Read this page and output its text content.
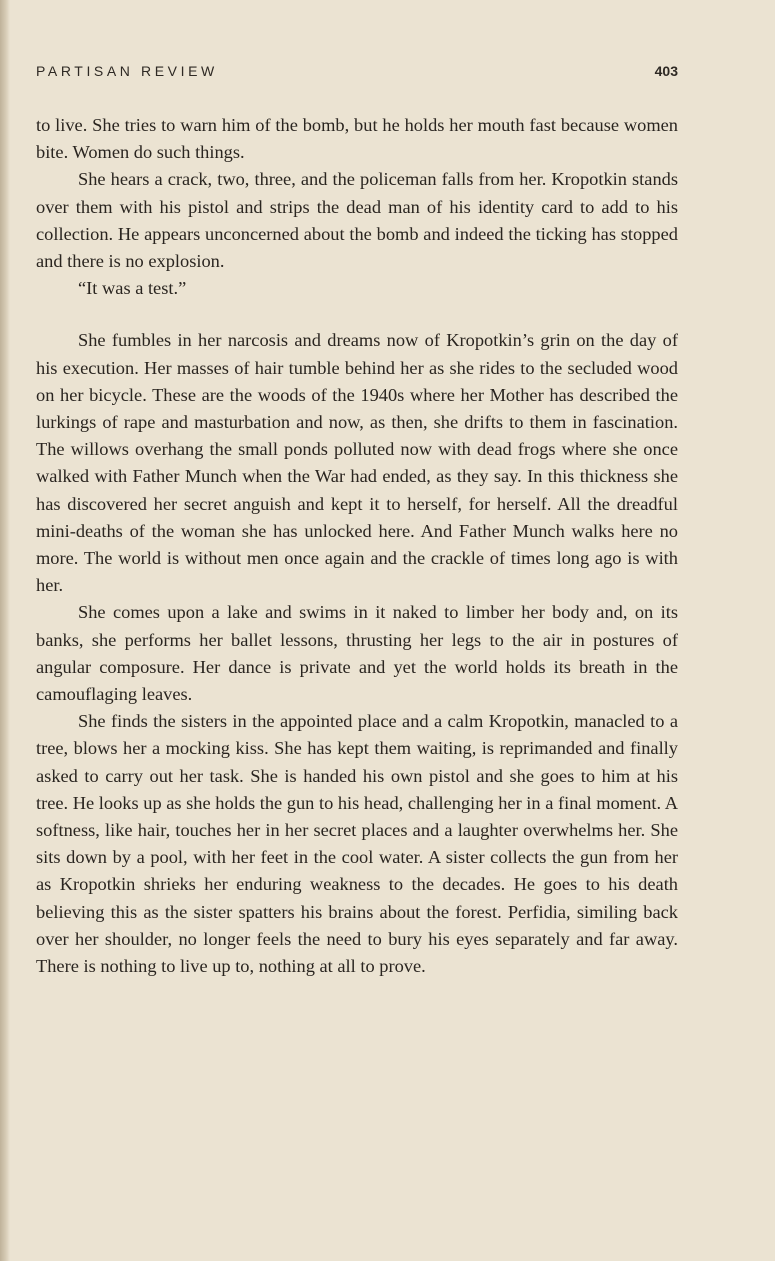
PARTISAN REVIEW	403

to live. She tries to warn him of the bomb, but he holds her mouth fast because women bite. Women do such things.

She hears a crack, two, three, and the policeman falls from her. Kropotkin stands over them with his pistol and strips the dead man of his identity card to add to his collection. He appears unconcerned about the bomb and indeed the ticking has stopped and there is no explosion.

“It was a test.”

She fumbles in her narcosis and dreams now of Kropotkin’s grin on the day of his execution. Her masses of hair tumble behind her as she rides to the secluded wood on her bicycle. These are the woods of the 1940s where her Mother has described the lurkings of rape and masturbation and now, as then, she drifts to them in fascination. The willows overhang the small ponds polluted now with dead frogs where she once walked with Father Munch when the War had ended, as they say. In this thickness she has discovered her secret anguish and kept it to herself, for herself. All the dreadful mini-deaths of the woman she has unlocked here. And Father Munch walks here no more. The world is without men once again and the crackle of times long ago is with her.

She comes upon a lake and swims in it naked to limber her body and, on its banks, she performs her ballet lessons, thrusting her legs to the air in postures of angular composure. Her dance is private and yet the world holds its breath in the camouflaging leaves.

She finds the sisters in the appointed place and a calm Kropotkin, manacled to a tree, blows her a mocking kiss. She has kept them waiting, is reprimanded and finally asked to carry out her task. She is handed his own pistol and she goes to him at his tree. He looks up as she holds the gun to his head, challenging her in a final moment. A softness, like hair, touches her in her secret places and a laughter overwhelms her. She sits down by a pool, with her feet in the cool water. A sister collects the gun from her as Kropotkin shrieks her enduring weakness to the decades. He goes to his death believing this as the sister spatters his brains about the forest. Perfidia, similing back over her shoulder, no longer feels the need to bury his eyes separately and far away. There is nothing to live up to, nothing at all to prove.
